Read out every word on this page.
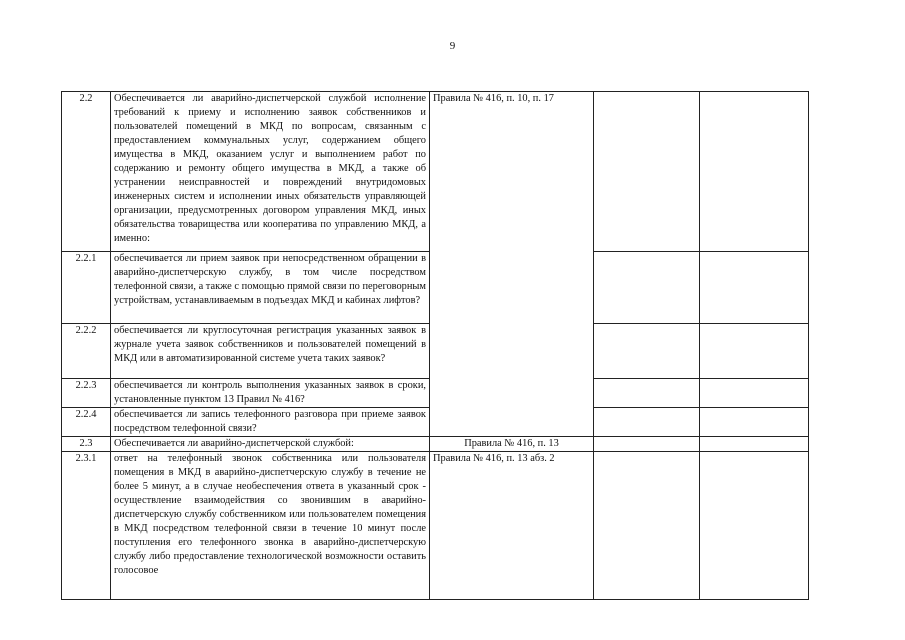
9
2.2	Обеспечивается ли аварийно-диспетчерской службой исполнение требований к приему и исполнению заявок собственников и пользователей помещений в МКД по вопросам, связанным с предоставлением коммунальных услуг, содержанием общего имущества в МКД, оказанием услуг и выполнением работ по содержанию и ремонту общего имущества в МКД, а также об устранении неисправностей и повреждений внутридомовых инженерных систем и исполнении иных обязательств управляющей организации, предусмотренных договором управления МКД, иных обязательства товарищества или кооператива по управлению МКД, а именно:	Правила № 416, п. 10, п. 17		
2.2.1	обеспечивается ли прием заявок при непосредственном обращении в аварийно-диспетчерскую службу, в том числе посредством телефонной связи, а также с помощью прямой связи по переговорным устройствам, устанавливаемым в подъездах МКД и кабинах лифтов?			
2.2.2	обеспечивается ли круглосуточная регистрация указанных заявок в журнале учета заявок собственников и пользователей помещений в МКД или в автоматизированной системе учета таких заявок?			
2.2.3	обеспечивается ли контроль выполнения указанных заявок в сроки, установленные пунктом 13 Правил № 416?			
2.2.4	обеспечивается ли запись телефонного разговора при приеме заявок посредством телефонной связи?			
2.3	Обеспечивается ли аварийно-диспетчерской службой:	Правила № 416, п. 13		
2.3.1	ответ на телефонный звонок собственника или пользователя помещения в МКД в аварийно-диспетчерскую службу в течение не более 5 минут, а в случае необеспечения ответа в указанный срок - осуществление взаимодействия со звонившим в аварийно-диспетчерскую службу собственником или пользователем помещения в МКД посредством телефонной связи в течение 10 минут после поступления его телефонного звонка в аварийно-диспетчерскую службу либо предоставление технологической возможности оставить голосовое	Правила № 416, п. 13 абз. 2		
